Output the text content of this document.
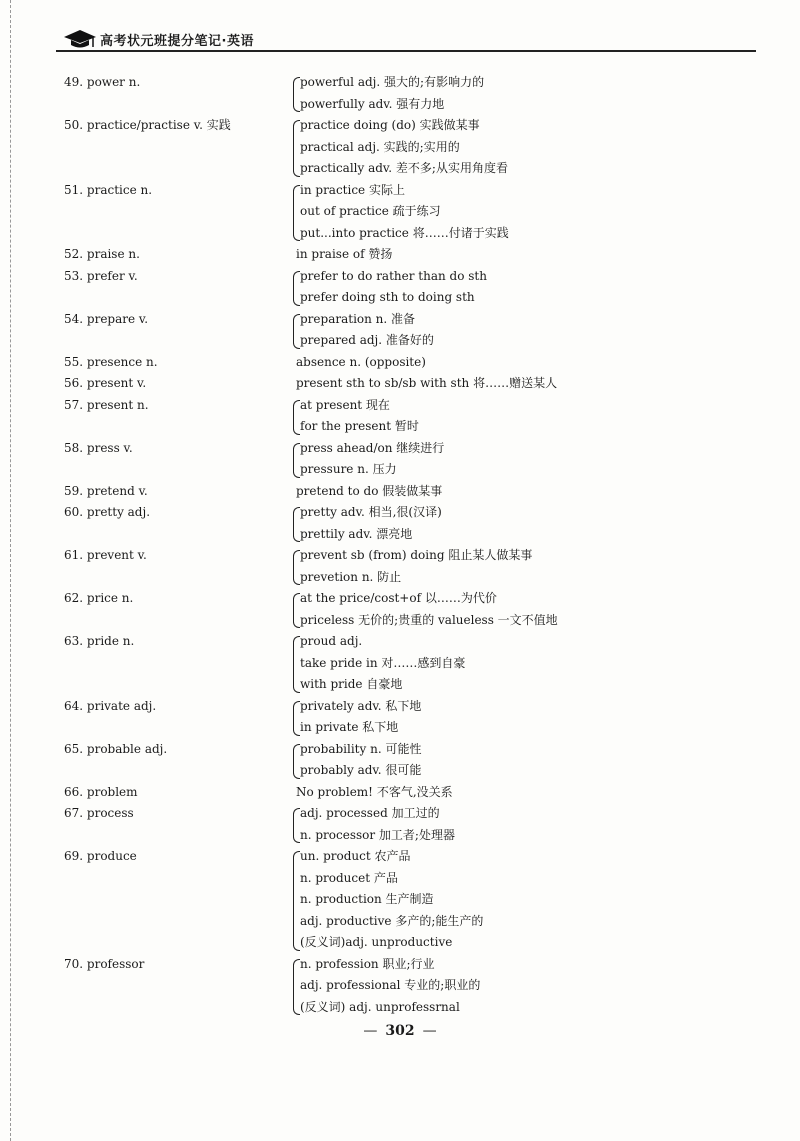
高考状元班提分笔记·英语
49. power n.	powerful adj. 强大的;有影响力的
powerfully adv. 强有力地
50. practice/practise v. 实践	practice doing (do) 实践做某事
practical adj. 实践的;实用的
practically adv. 差不多;从实用角度看
51. practice n.	in practice 实际上
out of practice 疏于练习
put...into practice 将……付诸于实践
52. praise n.	in praise of 赞扬
53. prefer v.	prefer to do rather than do sth
prefer doing sth to doing sth
54. prepare v.	preparation n. 准备
prepared adj. 准备好的
55. presence n.	absence n. (opposite)
56. present v.	present sth to sb/sb with sth 将……赠送某人
57. present n.	at present 现在
for the present 暂时
58. press v.	press ahead/on 继续进行
pressure n. 压力
59. pretend v.	pretend to do 假装做某事
60. pretty adj.	pretty adv. 相当,很(汉译)
prettily adv. 漂亮地
61. prevent v.	prevent sb (from) doing 阻止某人做某事
prevetion n. 防止
62. price n.	at the price/cost+of 以……为代价
priceless 无价的;贵重的 valueless 一文不值地
63. pride n.	proud adj.
take pride in 对……感到自豪
with pride 自豪地
64. private adj.	privately adv. 私下地
in private 私下地
65. probable adj.	probability n. 可能性
probably adv. 很可能
66. problem	No problem! 不客气,没关系
67. process	adj. processed 加工过的
n. processor 加工者;处理器
69. produce	un. product 农产品
n. producet 产品
n. production 生产制造
adj. productive 多产的;能生产的
(反义词)adj. unproductive
70. professor	n. profession 职业;行业
adj. professional 专业的;职业的
(反义词) adj. unprofessrnal
— 302 —
